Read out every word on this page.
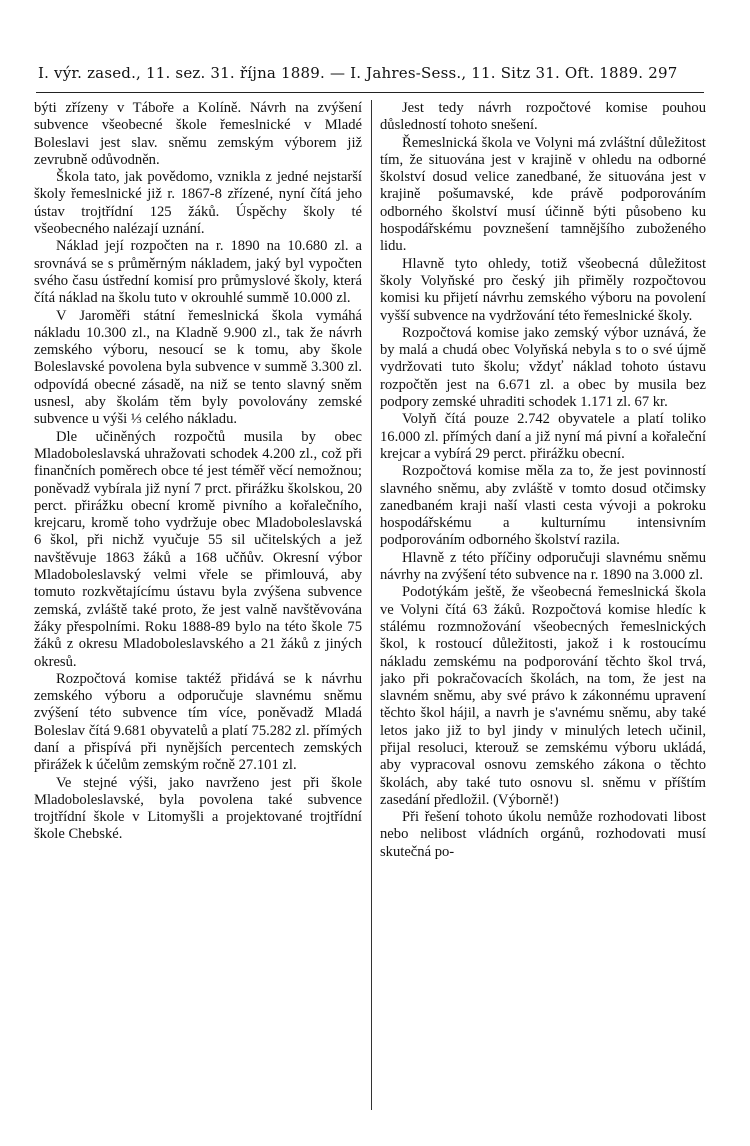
I. výr. zased., 11. sez. 31. října 1889. — I. Jahres-Sess., 11. Sitz 31. Oft. 1889. 297

býti zřízeny v Táboře a Kolíně. Návrh na zvýšení subvence všeobecné škole řemeslnické v Mladé Boleslavi jest slav. sněmu zemským výborem již zevrubně odůvodněn.

Škola tato, jak povědomo, vznikla z jedné nejstarší školy řemeslnické již r. 1867-8 zřízené, nyní čítá jeho ústav trojtřídní 125 žáků. Úspěchy školy té všeobecného nalézají uznání.

Náklad její rozpočten na r. 1890 na 10.680 zl. a srovnává se s průměrným nákladem, jaký byl vypočten svého času ústřední komisí pro průmyslové školy, která čítá náklad na školu tuto v okrouhlé summě 10.000 zl.

V Jaroměři státní řemeslnická škola vymáhá nákladu 10.300 zl., na Kladně 9.900 zl., tak že návrh zemského výboru, nesoucí se k tomu, aby škole Boleslavské povolena byla subvence v summě 3.300 zl. odpovídá obecné zásadě, na niž se tento slavný sněm usnesl, aby školám těm byly povolovány zemské subvence u výši ⅓ celého nákladu.

Dle učiněných rozpočtů musila by obec Mladoboleslavská uhražovati schodek 4.200 zl., což při finančních poměrech obce té jest téměř věcí nemožnou; poněvadž vybírala již nyní 7 prct. přirážku školskou, 20 perct. přirážku obecní kromě pivního a kořalečního, krejcaru, kromě toho vydržuje obec Mladoboleslavská 6 škol, při nichž vyučuje 55 sil učitelských a jež navštěvuje 1863 žáků a 168 učňův. Okresní výbor Mladoboleslavský velmi vřele se přimlouvá, aby tomuto rozkvětajícímu ústavu byla zvýšena subvence zemská, zvláště také proto, že jest valně navštěvována žáky přespolními. Roku 1888-89 bylo na této škole 75 žáků z okresu Mladoboleslavského a 21 žáků z jiných okresů.

Rozpočtová komise taktéž přidává se k návrhu zemského výboru a odporučuje slavnému sněmu zvýšení této subvence tím více, poněvadž Mladá Boleslav čítá 9.681 obyvatelů a platí 75.282 zl. přímých daní a přispívá při nynějších percentech zemských přirážek k účelům zemským ročně 27.101 zl.

Ve stejné výši, jako navrženo jest při škole Mladoboleslavské, byla povolena také subvence trojtřídní škole v Litomyšli a projektované trojtřídní škole Chebské.

Jest tedy návrh rozpočtové komise pouhou důsledností tohoto snešení.

Řemeslnická škola ve Volyni má zvláštní důležitost tím, že situována jest v krajině v ohledu na odborné školství dosud velice zanedbané, že situována jest v krajině pošumavské, kde právě podporováním odborného školství musí účinně býti působeno ku hospodářskému povznešení tamnějšího zuboženého lidu.

Hlavně tyto ohledy, totiž všeobecná důležitost školy Volyňské pro český jih přiměly rozpočtovou komisi ku přijetí návrhu zemského výboru na povolení vyšší subvence na vydržování této řemeslnické školy.

Rozpočtová komise jako zemský výbor uznává, že by malá a chudá obec Volyňská nebyla s to o své újmě vydržovati tuto školu; vždyť náklad tohoto ústavu rozpočtěn jest na 6.671 zl. a obec by musila bez podpory zemské uhraditi schodek 1.171 zl. 67 kr.

Volyň čítá pouze 2.742 obyvatele a platí toliko 16.000 zl. přímých daní a již nyní má pivní a kořaleční krejcar a vybírá 29 perct. přirážku obecní.

Rozpočtová komise měla za to, že jest povinností slavného sněmu, aby zvláště v tomto dosud otčimsky zanedbaném kraji naší vlasti cesta vývoji a pokroku hospodářskému a kulturnímu intensivním podporováním odborného školství razila.

Hlavně z této příčiny odporučuji slavnému sněmu návrhy na zvýšení této subvence na r. 1890 na 3.000 zl.

Podotýkám ještě, že všeobecná řemeslnická škola ve Volyni čítá 63 žáků. Rozpočtová komise hledíc k stálému rozmnožování všeobecných řemeslnických škol, k rostoucí důležitosti, jakož i k rostoucímu nákladu zemskému na podporování těchto škol trvá, jako při pokračovacích školách, na tom, že jest na slavném sněmu, aby své právo k zákonnému upravení těchto škol hájil, a navrh je s'avnému sněmu, aby také letos jako již to byl jindy v minulých letech učinil, přijal resoluci, kterouž se zemskému výboru ukládá, aby vypracoval osnovu zemského zákona o těchto školách, aby také tuto osnovu sl. sněmu v příštím zasedání předložil. (Výborně!)

Při řešení tohoto úkolu nemůže rozhodovati libost nebo nelibost vládních orgánů, rozhodovati musí skutečná po-
